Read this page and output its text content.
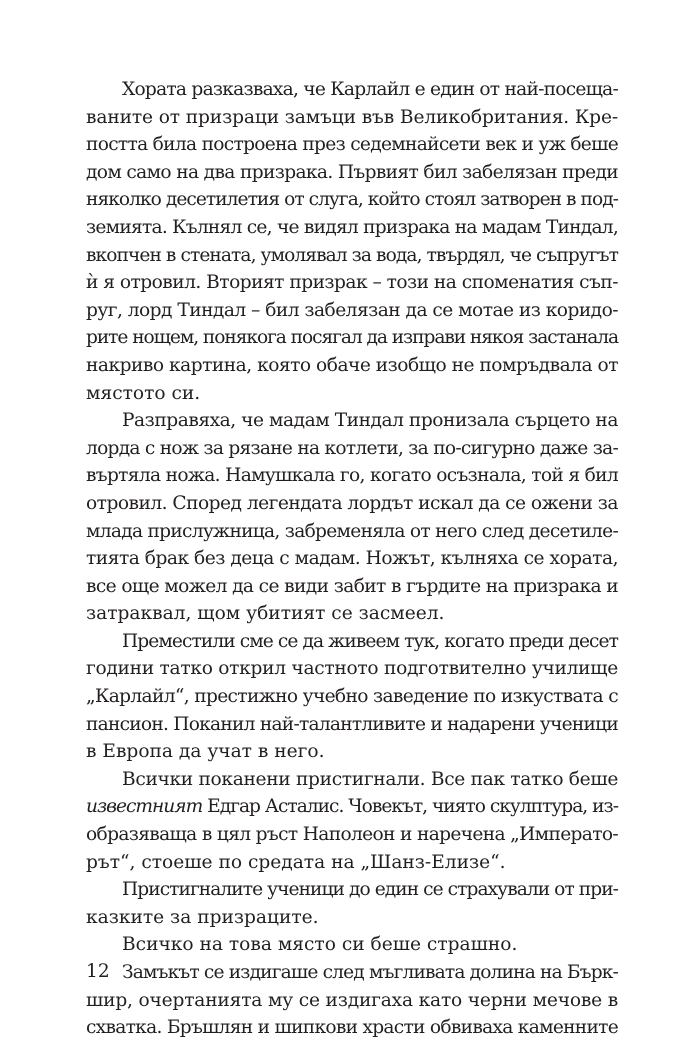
Хората разказваха, че Карлайл е един от най-посеща-
ваните от призраци замъци във Великобритания. Кре-
постта била построена през седемнайсети век и уж беше
дом само на два призрака. Първият бил забелязан преди
няколко десетилетия от слуга, който стоял затворен в под-
земията. Кълнял се, че видял призрака на мадам Тиндал,
вкопчен в стената, умолявал за вода, твърдял, че съпругът
ѝ я отровил. Вторият призрак – този на споменатия съп-
руг, лорд Тиндал – бил забелязан да се мотае из коридо-
рите нощем, понякога посягал да изправи някоя застанала
накриво картина, която обаче изобщо не помръдвала от
мястото си.
Разправяха, че мадам Тиндал пронизала сърцето на
лорда с нож за рязане на котлети, за по-сигурно даже за-
въртяла ножа. Намушкала го, когато осъзнала, той я бил
отровил. Според легендата лордът искал да се ожени за
млада прислужница, забременяла от него след десетиле-
тията брак без деца с мадам. Ножът, кълняха се хората,
все още можел да се види забит в гърдите на призрака и
затраквал, щом убитият се засмеел.
Преместили сме се да живеем тук, когато преди десет
години татко открил частното подготвително училище
„Карлайл“, престижно учебно заведение по изкуствата с
пансион. Поканил най-талантливите и надарени ученици
в Европа да учат в него.
Всички поканени пристигнали. Все пак татко беше
известният Едгар Асталис. Човекът, чиято скулптура, из-
образяваща в цял ръст Наполеон и наречена „Императо-
рът“, стоеше по средата на „Шанз-Елизе“.
Пристигналите ученици до един се страхували от при-
казките за призраците.
Всичко на това място си беше страшно.
Замъкът се издигаше след мъгливата долина на Бърк-
шир, очертанията му се издигаха като черни мечове в
схватка. Бръшлян и шипкови храсти обвиваха каменните
12
